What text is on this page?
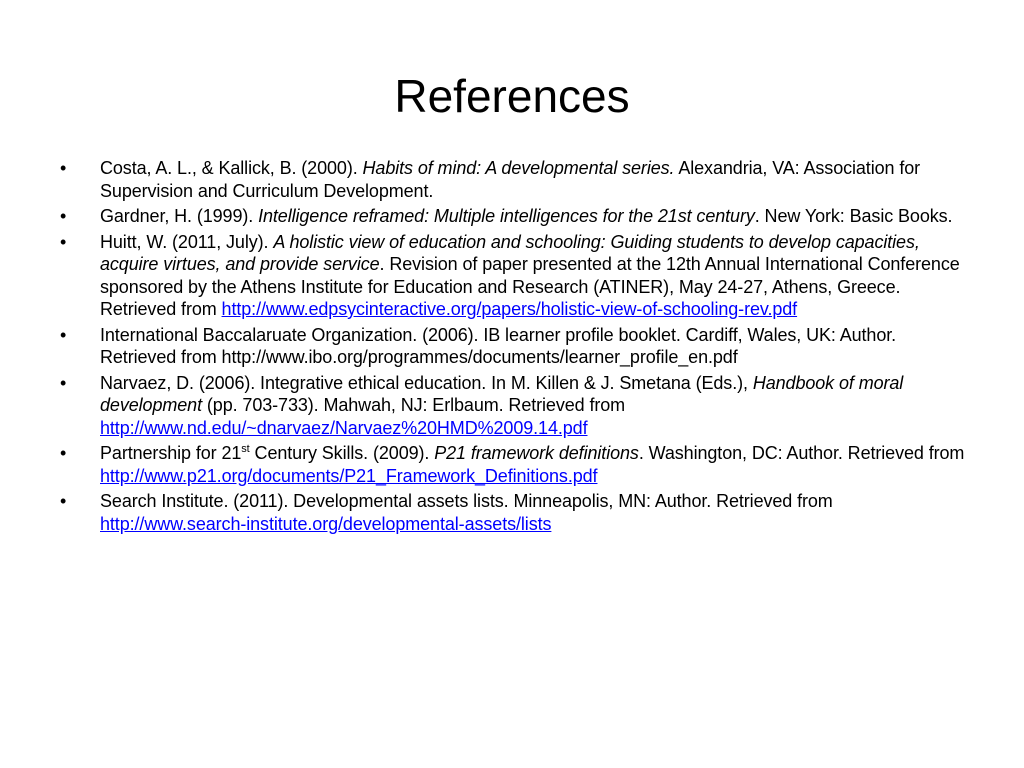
References
•	Costa, A. L., & Kallick, B. (2000). Habits of mind: A developmental series. Alexandria, VA: Association for Supervision and Curriculum Development.
•	Gardner, H. (1999). Intelligence reframed: Multiple intelligences for the 21st century. New York: Basic Books.
•	Huitt, W. (2011, July). A holistic view of education and schooling: Guiding students to develop capacities, acquire virtues, and provide service. Revision of paper presented at the 12th Annual International Conference sponsored by the Athens Institute for Education and Research (ATINER), May 24-27, Athens, Greece. Retrieved from http://www.edpsycinteractive.org/papers/holistic-view-of-schooling-rev.pdf
•	International Baccalaruate Organization. (2006). IB learner profile booklet. Cardiff, Wales, UK: Author. Retrieved from http://www.ibo.org/programmes/documents/learner_profile_en.pdf
•	Narvaez, D. (2006). Integrative ethical education. In M. Killen & J. Smetana (Eds.), Handbook of moral development (pp. 703-733). Mahwah, NJ: Erlbaum. Retrieved from http://www.nd.edu/~dnarvaez/Narvaez%20HMD%2009.14.pdf
•	Partnership for 21st Century Skills. (2009). P21 framework definitions. Washington, DC: Author. Retrieved from http://www.p21.org/documents/P21_Framework_Definitions.pdf
•	Search Institute. (2011). Developmental assets lists. Minneapolis, MN: Author. Retrieved from http://www.search-institute.org/developmental-assets/lists
